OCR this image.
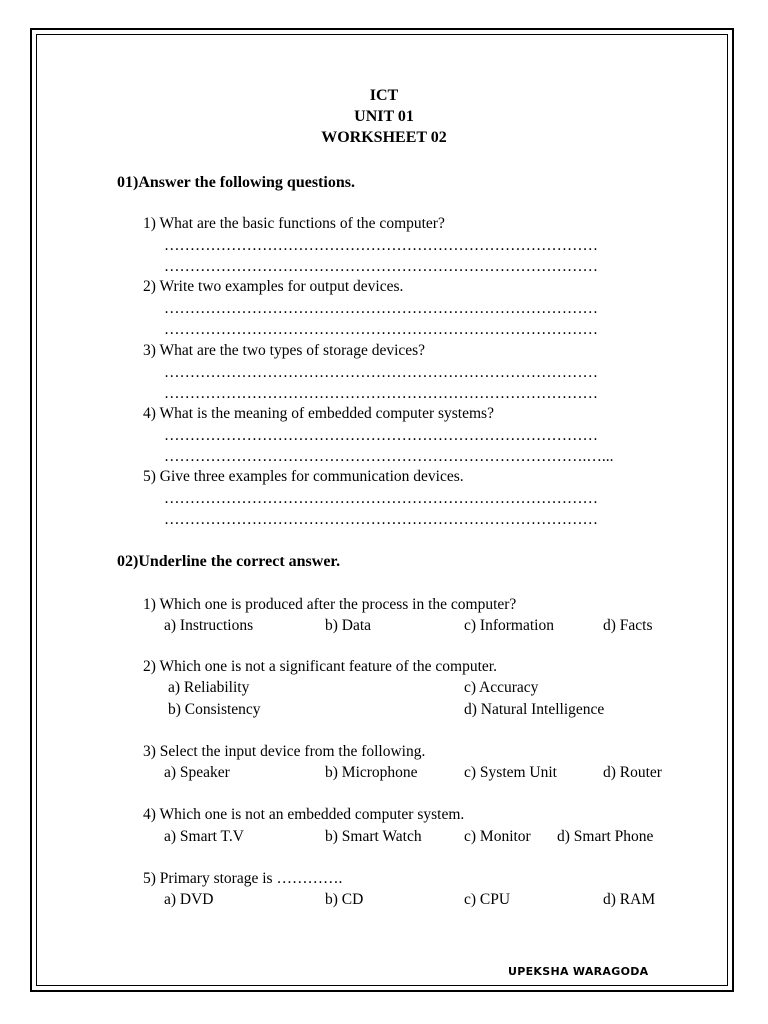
ICT
UNIT 01
WORKSHEET 02
01)Answer the following questions.
1) What are the basic functions of the computer?
…………………………………………………………………………
…………………………………………………………………………
2) Write two examples for output devices.
…………………………………………………………………………
…………………………………………………………………………
3) What are the two types of storage devices?
…………………………………………………………………………
…………………………………………………………………………
4) What is the meaning of embedded computer systems?
…………………………………………………………………………
……………………………………………………………………….…...
5) Give three examples for communication devices.
…………………………………………………………………………
…………………………………………………………………………
02)Underline the correct answer.
1) Which one is produced after the process in the computer?
a) Instructions	b) Data	c) Information	d) Facts
2) Which one is not a significant feature of the computer.
a) Reliability	c) Accuracy
b) Consistency	d) Natural Intelligence
3) Select the input device from the following.
a) Speaker	b) Microphone	c) System Unit	d) Router
4) Which one is not an embedded computer system.
a) Smart T.V	b) Smart Watch	c) Monitor d) Smart Phone
5) Primary storage is ………….
a) DVD	b) CD	c) CPU	d) RAM
UPEKSHA WARAGODA
